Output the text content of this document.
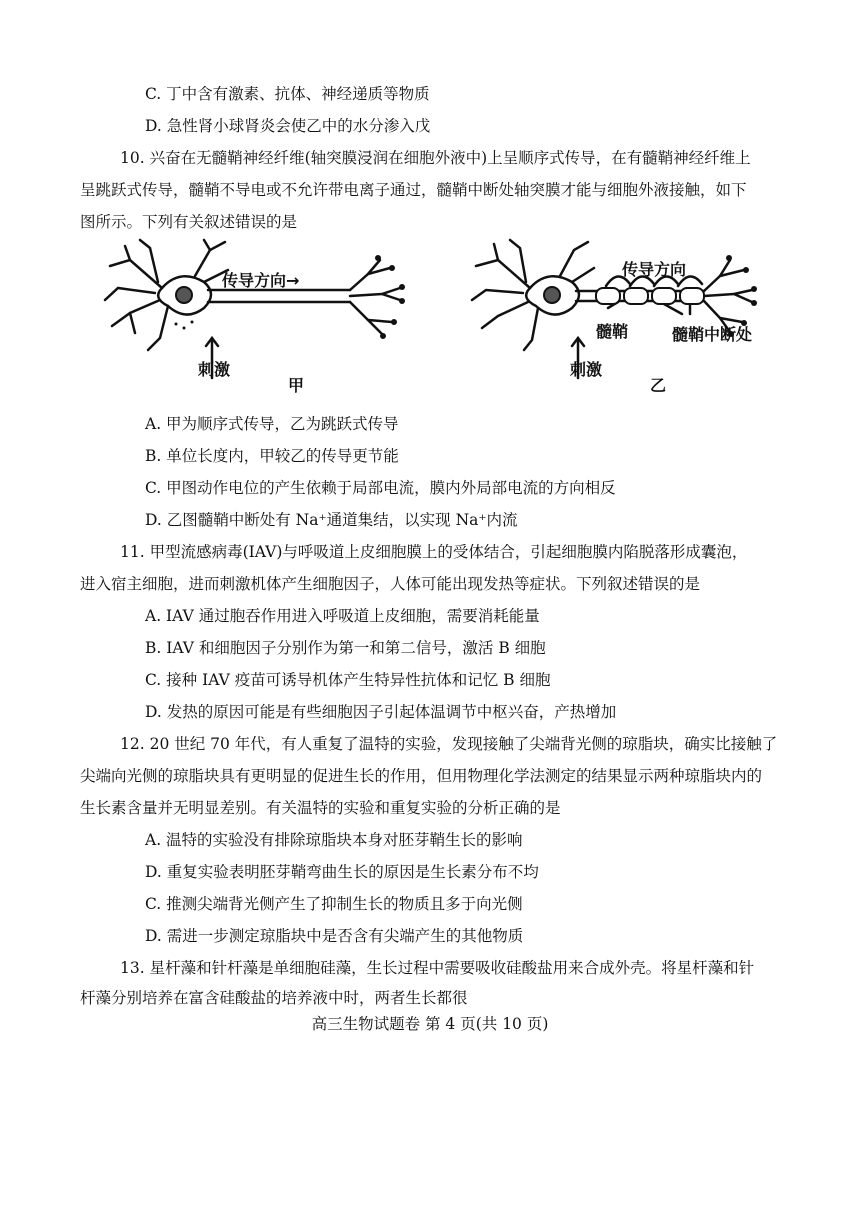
C. 丁中含有激素、抗体、神经递质等物质
D. 急性肾小球肾炎会使乙中的水分渗入戊
10. 兴奋在无髓鞘神经纤维(轴突膜浸润在细胞外液中)上呈顺序式传导，在有髓鞘神经纤维上
呈跳跃式传导，髓鞘不导电或不允许带电离子通过，髓鞘中断处轴突膜才能与细胞外液接触，如下
图所示。下列有关叙述错误的是
传导方向→
刺激
甲
传导方向
髓鞘	髓鞘中断处
刺激
乙
A. 甲为顺序式传导，乙为跳跃式传导
B. 单位长度内，甲较乙的传导更节能
C. 甲图动作电位的产生依赖于局部电流，膜内外局部电流的方向相反
D. 乙图髓鞘中断处有 Na⁺通道集结，以实现 Na⁺内流
11. 甲型流感病毒(IAV)与呼吸道上皮细胞膜上的受体结合，引起细胞膜内陷脱落形成囊泡，
进入宿主细胞，进而刺激机体产生细胞因子，人体可能出现发热等症状。下列叙述错误的是
A. IAV 通过胞吞作用进入呼吸道上皮细胞，需要消耗能量
B. IAV 和细胞因子分别作为第一和第二信号，激活 B 细胞
C. 接种 IAV 疫苗可诱导机体产生特异性抗体和记忆 B 细胞
D. 发热的原因可能是有些细胞因子引起体温调节中枢兴奋，产热增加
12. 20 世纪 70 年代，有人重复了温特的实验，发现接触了尖端背光侧的琼脂块，确实比接触了
尖端向光侧的琼脂块具有更明显的促进生长的作用，但用物理化学法测定的结果显示两种琼脂块内的
生长素含量并无明显差别。有关温特的实验和重复实验的分析正确的是
A. 温特的实验没有排除琼脂块本身对胚芽鞘生长的影响
D. 重复实验表明胚芽鞘弯曲生长的原因是生长素分布不均
C. 推测尖端背光侧产生了抑制生长的物质且多于向光侧
D. 需进一步测定琼脂块中是否含有尖端产生的其他物质
13. 星杆藻和针杆藻是单细胞硅藻，生长过程中需要吸收硅酸盐用来合成外壳。将星杆藻和针
杆藻分别培养在富含硅酸盐的培养液中时，两者生长都很
高三生物试题卷 第 4 页(共 10 页)
